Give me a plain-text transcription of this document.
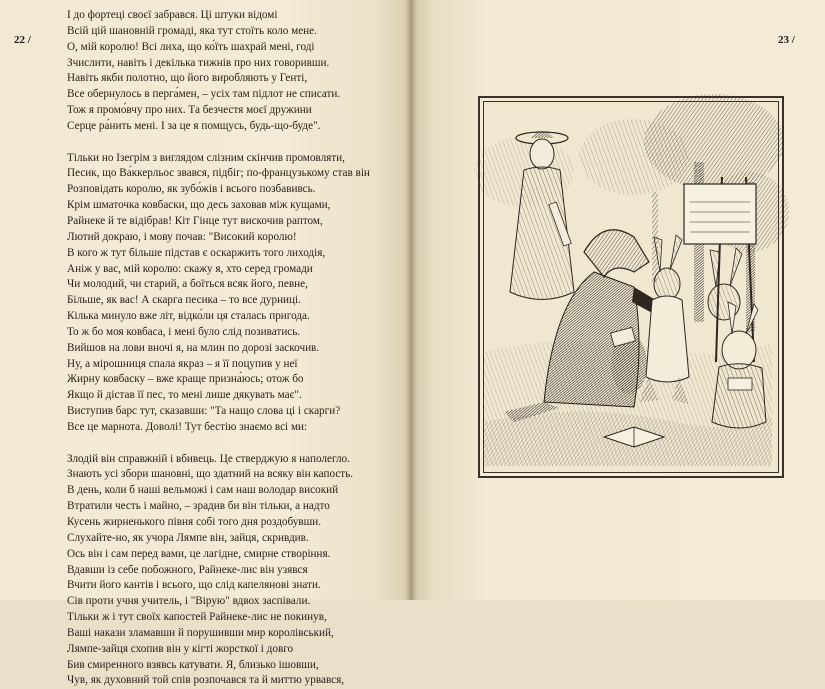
22 /
І до фортеці своєї забрався. Ці штуки відомі
Всій цій шановній громаді, яка тут стоїть коло мене.
О, мій королю! Всі лиха, що ко́їть шахрай мені, годі
Зчислити, навіть і декілька тижнів про них говоривши.
Навіть якби полотно, що його виробляють у Генті,
Все обернулось в перга́мен, – усіх там підлот не списати.
Тож я промо́вчу про них. Та безчестя моєї дружини
Серце ра́нить мені. І за це я помщусь, будь-що-буде".
Тільки но Ізегрім з виглядом слізним скінчив промовляти,
Песик, що Ва́ккерльос звався, підбіг; по-французькому став він
Розповідать королю, як зубо́жів і всього позбавивсь.
Крім шматочка ковбаски, що десь заховав між кущами,
Райнеке й те відібрав! Кіт Гінце тут вискочив раптом,
Лютий докраю, і мову почав: "Високий королю!
В кого ж тут більше підстав є оскаржить того лиходія,
Аніж у вас, мій королю: скажу я, хто серед громади
Чи молодий, чи старий, а боїться всяк його, певне,
Більше, як вас! А скарга песика – то все дурниці.
Кілька минуло вже літ, відко́ли ця сталась пригода.
То ж бо моя ковбаса, і мені було слід позиватись.
Вийшов на лови вночі я, на млин по дорозі заскочив.
Ну, а мірошниця спала якраз – я її поцупив у неї
Жирну ковбаску – вже краще призна́юсь; отож бо
Якщо й дістав її пес, то мені лише дякувать має".
Виступив барс тут, сказавши: "Та нащо слова ці і скарги?
Все це марнота. Доволі! Тут бестію знаємо всі ми:
Злодій він справжній і вбивець. Це стверджую я наполегло.
Знають усі збори шановні, що здатний на всяку він капость.
В день, коли б наші вельможі і сам наш володар високий
Втратили честь і майно, – зрадив би він тільки, а надто
Кусень жирненького півня собі того дня роздобувши.
Слухайте-но, як учора Лямпе він, зайця, скривдив.
Ось він і сам перед вами, це лагідне, смирне створіння.
Вдавши із себе побожного, Райнеке-лис він узявся
Вчити його кантів і всього, що слід капелянові знати.
Сів проти учня учитель, і "Вірую" вдвох заспівали.
Тільки ж і тут своїх капостей Райнеке-лис не покинув,
Ваші накази зламавши й порушивши мир королівський,
Лямпе-зайця схопив він у кігті жорсткої і довго
Бив смиренного взявсь катувати. Я, близько ішовши,
Чув, як духовний той спів розпочався та й миттю урвався,
23 /
